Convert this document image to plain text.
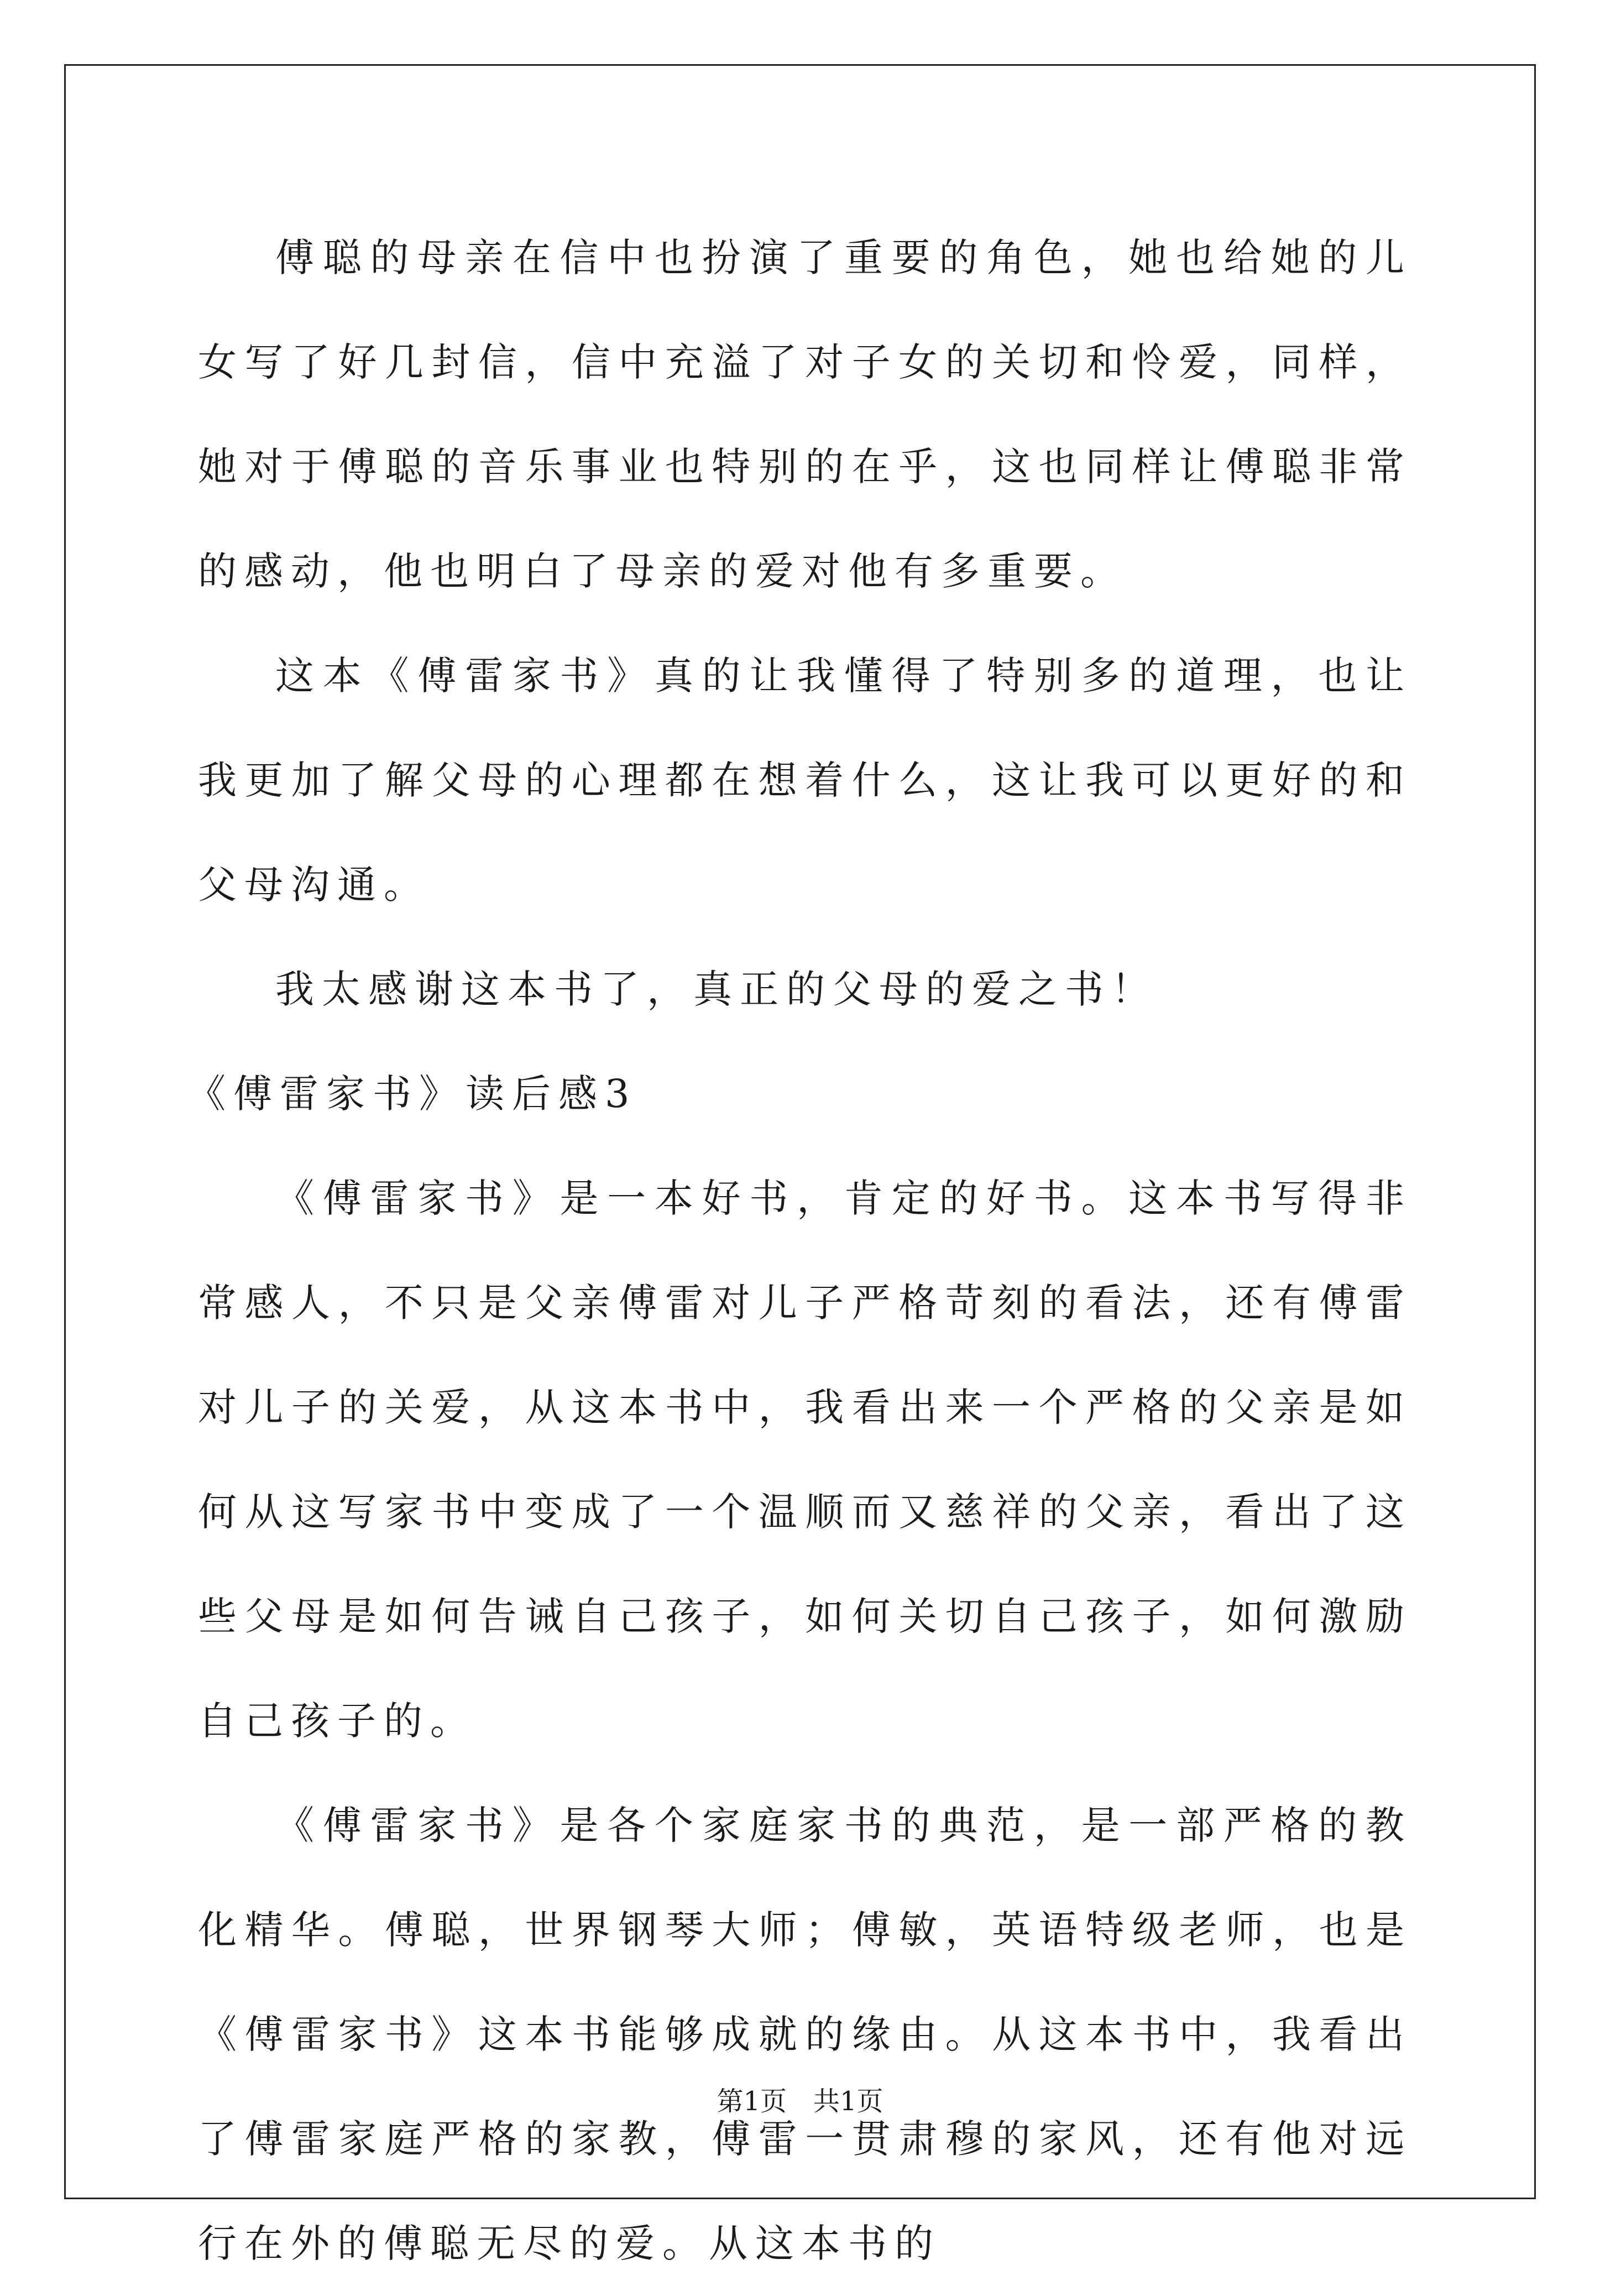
傅聪的母亲在信中也扮演了重要的角色，她也给她的儿女写了好几封信，信中充溢了对子女的关切和怜爱，同样，她对于傅聪的音乐事业也特别的在乎，这也同样让傅聪非常的感动，他也明白了母亲的爱对他有多重要。

这本《傅雷家书》真的让我懂得了特别多的道理，也让我更加了解父母的心理都在想着什么，这让我可以更好的和父母沟通。

我太感谢这本书了，真正的父母的爱之书！

《傅雷家书》读后感3

《傅雷家书》是一本好书，肯定的好书。这本书写得非常感人，不只是父亲傅雷对儿子严格苛刻的看法，还有傅雷对儿子的关爱，从这本书中，我看出来一个严格的父亲是如何从这写家书中变成了一个温顺而又慈祥的父亲，看出了这些父母是如何告诫自己孩子，如何关切自己孩子，如何激励自己孩子的。

《傅雷家书》是各个家庭家书的典范，是一部严格的教化精华。傅聪，世界钢琴大师；傅敏，英语特级老师，也是《傅雷家书》这本书能够成就的缘由。从这本书中，我看出了傅雷家庭严格的家教，傅雷一贯肃穆的家风，还有他对远行在外的傅聪无尽的爱。从这本书的

第1页 共1页
